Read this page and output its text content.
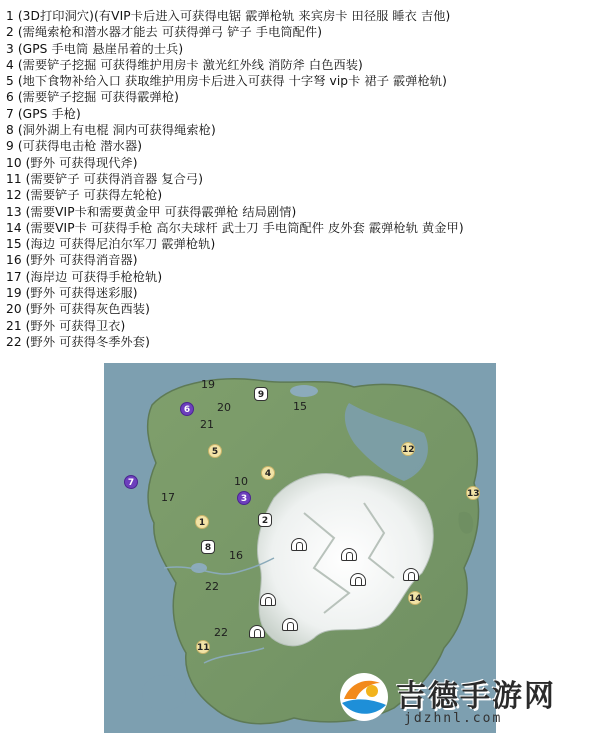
1 (3D打印洞穴)(有VIP卡后进入可获得电锯 霰弹枪轨 来宾房卡 田径服 睡衣 吉他)
2 (需绳索枪和潜水器才能去 可获得弹弓 铲子 手电筒配件)
3 (GPS 手电筒 悬崖吊着的士兵)
4 (需要铲子挖掘 可获得维护用房卡 激光红外线 消防斧 白色西装)
5 (地下食物补给入口 获取维护用房卡后进入可获得 十字弩 vip卡 裙子 霰弹枪轨)
6 (需要铲子挖掘 可获得霰弹枪)
7 (GPS 手枪)
8 (洞外湖上有电棍 洞内可获得绳索枪)
9 (可获得电击枪 潜水器)
10 (野外 可获得现代斧)
11 (需要铲子 可获得消音器 复合弓)
12 (需要铲子 可获得左轮枪)
13 (需要VIP卡和需要黄金甲 可获得霰弹枪 结局剧情)
14 (需要VIP卡 可获得手枪 高尔夫球杆 武士刀 手电筒配件 皮外套 霰弹枪轨 黄金甲)
15 (海边 可获得尼泊尔军刀 霰弹枪轨)
16 (野外 可获得消音器)
17 (海岸边 可获得手枪枪轨)
19 (野外 可获得迷彩服)
20 (野外 可获得灰色西装)
21 (野外 可获得卫衣)
22 (野外 可获得冬季外套)
6
9
5
4
7
3
1	2
8
12
13
14
11
19
20	15
21
17
10
16
22
22
吉德手游网
jdzhnl.com
